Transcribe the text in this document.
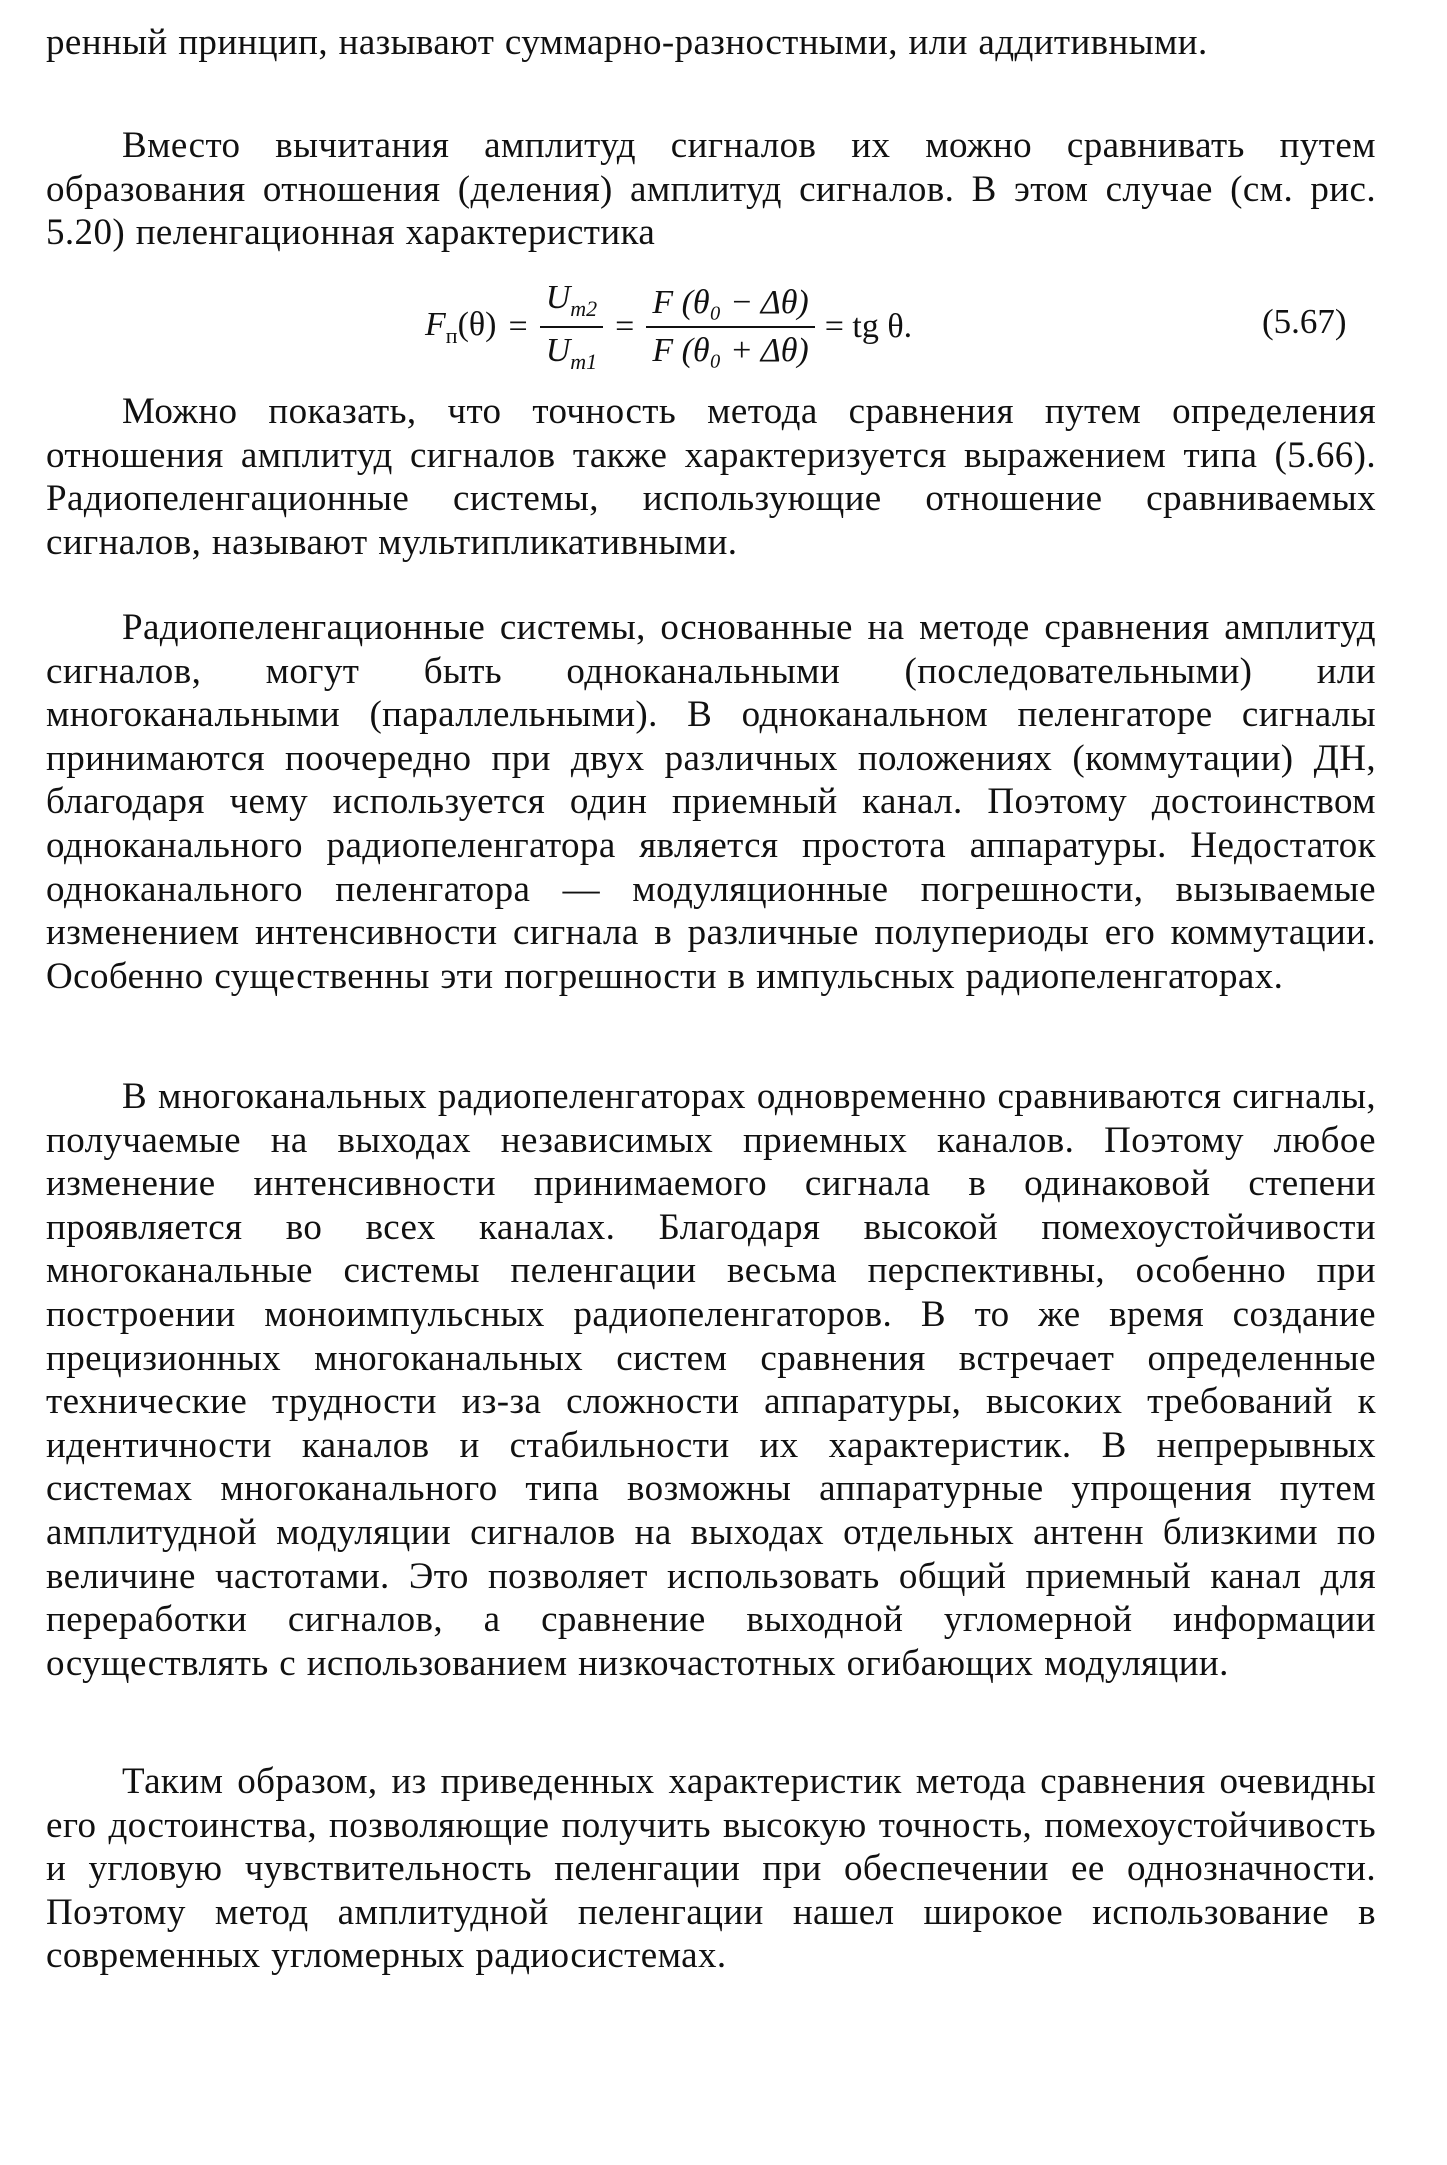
ренный принцип, называют суммарно-разностными, или аддитивными.
Вместо вычитания амплитуд сигналов их можно сравнивать путем образования отношения (деления) амплитуд сигналов. В этом случае (см. рис. 5.20) пеленгационная характеристика
$F_п(\theta) = \frac{U_{m2}}{U_{m1}} = \frac{\text{F (θ₀ − Δθ)}}{\text{F (θ₀ + Δθ)}}$ = tg θ.	(5.67)
Можно показать, что точность метода сравнения путем определения отношения амплитуд сигналов также характеризуется выражением типа (5.66). Радиопеленгационные системы, использующие отношение сравниваемых сигналов, называют мультипликативными.
Радиопеленгационные системы, основанные на методе сравнения амплитуд сигналов, могут быть одноканальными (последовательными) или многоканальными (параллельными). В одноканальном пеленгаторе сигналы принимаются поочередно при двух различных положениях (коммутации) ДН, благодаря чему используется один приемный канал. Поэтому достоинством одноканального радиопеленгатора является простота аппаратуры. Недостаток одноканального пеленгатора — модуляционные погрешности, вызываемые изменением интенсивности сигнала в различные полупериоды его коммутации. Особенно существенны эти погрешности в импульсных радиопеленгаторах.
В многоканальных радиопеленгаторах одновременно сравниваются сигналы, получаемые на выходах независимых приемных каналов. Поэтому любое изменение интенсивности принимаемого сигнала в одинаковой степени проявляется во всех каналах. Благодаря высокой помехоустойчивости многоканальные системы пеленгации весьма перспективны, особенно при построении моноимпульсных радиопеленгаторов. В то же время создание прецизионных многоканальных систем сравнения встречает определенные технические трудности из-за сложности аппаратуры, высоких требований к идентичности каналов и стабильности их характеристик. В непрерывных системах многоканального типа возможны аппаратурные упрощения путем амплитудной модуляции сигналов на выходах отдельных антенн близкими по величине частотами. Это позволяет использовать общий приемный канал для переработки сигналов, а сравнение выходной угломерной информации осуществлять с использованием низкочастотных огибающих модуляции.
Таким образом, из приведенных характеристик метода сравнения очевидны его достоинства, позволяющие получить высокую точность, помехоустойчивость и угловую чувствительность пеленгации при обеспечении ее однозначности. Поэтому метод амплитудной пеленгации нашел широкое использование в современных угломерных радиосистемах.
